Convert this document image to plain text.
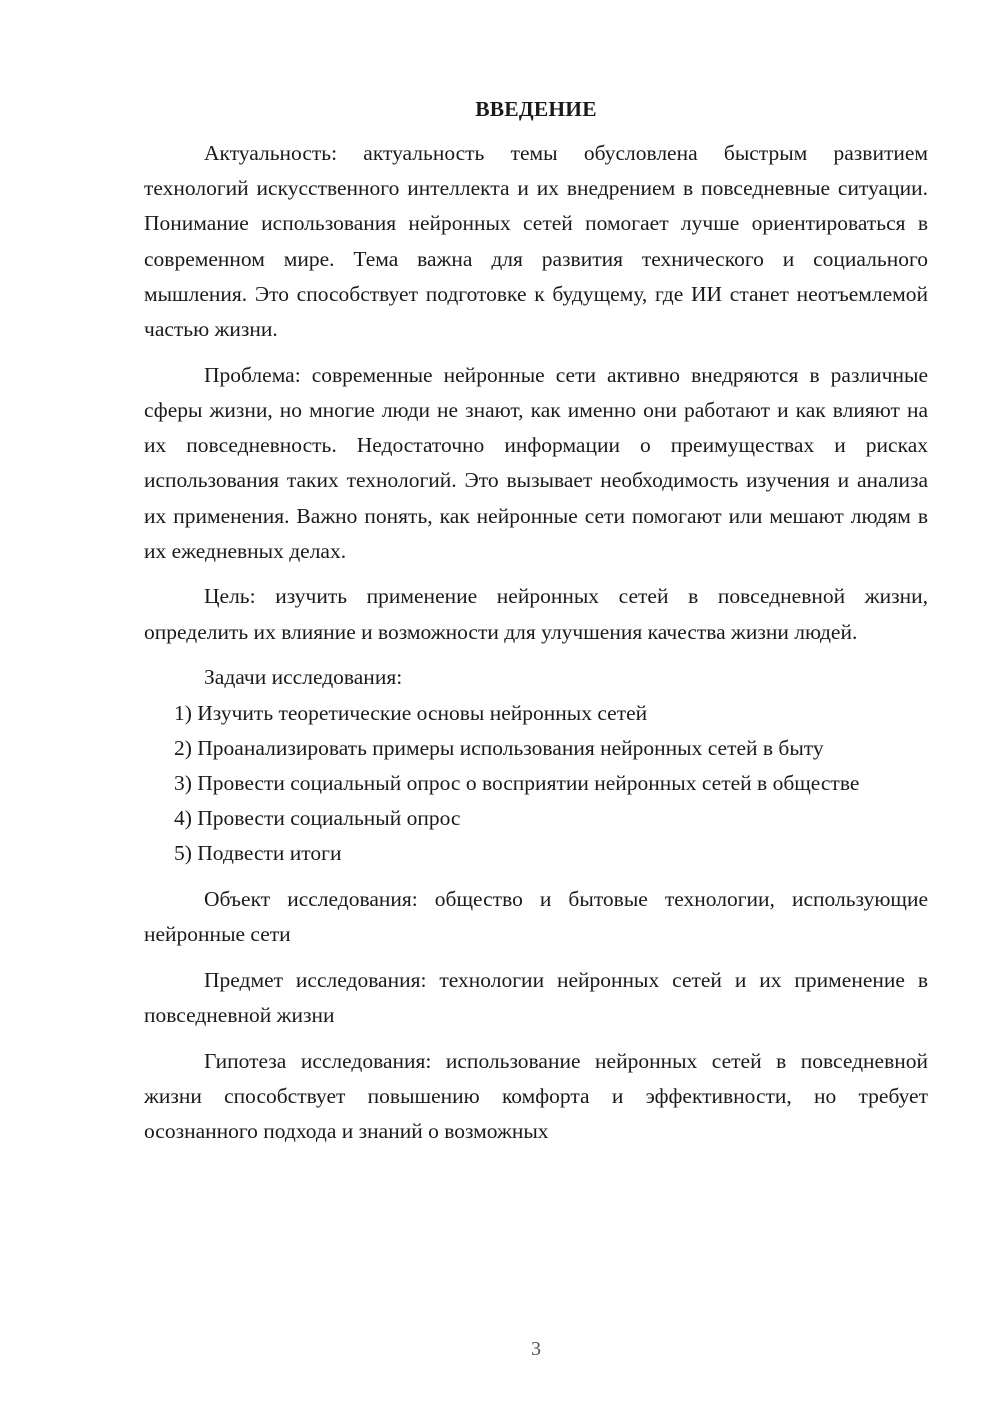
ВВЕДЕНИЕ

Актуальность: актуальность темы обусловлена быстрым развитием технологий искусственного интеллекта и их внедрением в повседневные ситуации. Понимание использования нейронных сетей помогает лучше ориентироваться в современном мире. Тема важна для развития технического и социального мышления. Это способствует подготовке к будущему, где ИИ станет неотъемлемой частью жизни.

Проблема: современные нейронные сети активно внедряются в различные сферы жизни, но многие люди не знают, как именно они работают и как влияют на их повседневность. Недостаточно информации о преимуществах и рисках использования таких технологий. Это вызывает необходимость изучения и анализа их применения. Важно понять, как нейронные сети помогают или мешают людям в их ежедневных делах.

Цель: изучить применение нейронных сетей в повседневной жизни, определить их влияние и возможности для улучшения качества жизни людей.

Задачи исследования:

1) Изучить теоретические основы нейронных сетей

2) Проанализировать примеры использования нейронных сетей в быту

3) Провести социальный опрос о восприятии нейронных сетей в обществе

4) Провести социальный опрос

5) Подвести итоги

Объект исследования: общество и бытовые технологии, использующие нейронные сети

Предмет исследования: технологии нейронных сетей и их применение в повседневной жизни

Гипотеза исследования: использование нейронных сетей в повседневной жизни способствует повышению комфорта и эффективности, но требует осознанного подхода и знаний о возможных

3
